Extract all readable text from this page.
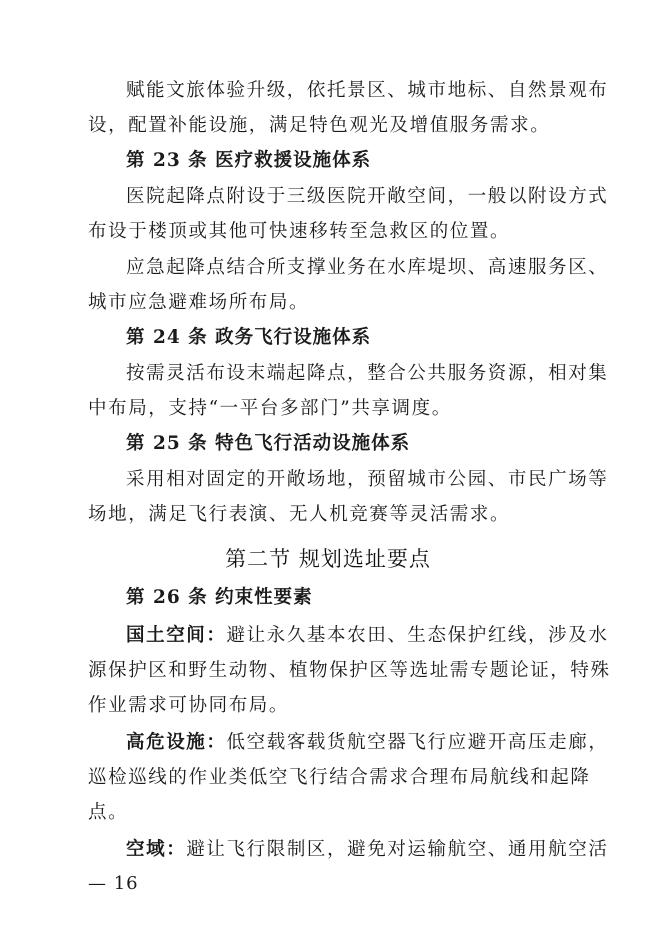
赋能文旅体验升级，依托景区、城市地标、自然景观布
设，配置补能设施，满足特色观光及增值服务需求。
第 23 条 医疗救援设施体系
医院起降点附设于三级医院开敞空间，一般以附设方式
布设于楼顶或其他可快速移转至急救区的位置。
应急起降点结合所支撑业务在水库堤坝、高速服务区、
城市应急避难场所布局。
第 24 条 政务飞行设施体系
按需灵活布设末端起降点，整合公共服务资源，相对集
中布局，支持“一平台多部门”共享调度。
第 25 条 特色飞行活动设施体系
采用相对固定的开敞场地，预留城市公园、市民广场等
场地，满足飞行表演、无人机竞赛等灵活需求。
第二节 规划选址要点
第 26 条 约束性要素
国土空间：避让永久基本农田、生态保护红线，涉及水
源保护区和野生动物、植物保护区等选址需专题论证，特殊
作业需求可协同布局。
高危设施：低空载客载货航空器飞行应避开高压走廊，
巡检巡线的作业类低空飞行结合需求合理布局航线和起降
点。
空域：避让飞行限制区，避免对运输航空、通用航空活
— 16
